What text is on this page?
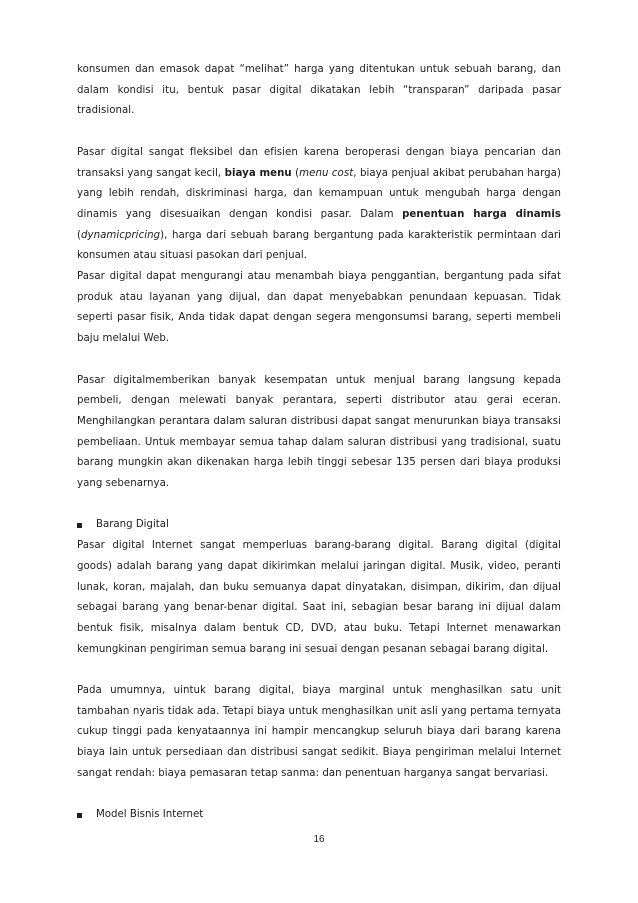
konsumen dan emasok dapat “melihat” harga yang ditentukan untuk sebuah barang, dan dalam kondisi itu, bentuk pasar digital dikatakan lebih “transparan” daripada pasar tradisional.

Pasar digital sangat fleksibel dan efisien karena beroperasi dengan biaya pencarian dan transaksi yang sangat kecil, biaya menu (menu cost, biaya penjual akibat perubahan harga) yang lebih rendah, diskriminasi harga, dan kemampuan untuk mengubah harga dengan dinamis yang disesuaikan dengan kondisi pasar. Dalam penentuan harga dinamis (dynamicpricing), harga dari sebuah barang bergantung pada karakteristik permintaan dari konsumen atau situasi pasokan dari penjual.

Pasar digital dapat mengurangi atau menambah biaya penggantian, bergantung pada sifat produk atau layanan yang dijual, dan dapat menyebabkan penundaan kepuasan. Tidak seperti pasar fisik, Anda tidak dapat dengan segera mengonsumsi barang, seperti membeli baju melalui Web.

Pasar digitalmemberikan banyak kesempatan untuk menjual barang langsung kepada pembeli, dengan melewati banyak perantara, seperti distributor atau gerai eceran. Menghilangkan perantara dalam saluran distribusi dapat sangat menurunkan biaya transaksi pembeliaan. Untuk membayar semua tahap dalam saluran distribusi yang tradisional, suatu barang mungkin akan dikenakan harga lebih tinggi sebesar 135 persen dari biaya produksi yang sebenarnya.

Barang Digital

Pasar digital Internet sangat memperluas barang-barang digital. Barang digital (digital goods) adalah barang yang dapat dikirimkan melalui jaringan digital. Musik, video, peranti lunak, koran, majalah, dan buku semuanya dapat dinyatakan, disimpan, dikirim, dan dijual sebagai barang yang benar-benar digital. Saat ini, sebagian besar barang ini dijual dalam bentuk fisik, misalnya dalam bentuk CD, DVD, atau buku. Tetapi Internet menawarkan kemungkinan pengiriman semua barang ini sesuai dengan pesanan sebagai barang digital.

Pada umumnya, uintuk barang digital, biaya marginal untuk menghasilkan satu unit tambahan nyaris tidak ada. Tetapi biaya untuk menghasilkan unit asli yang pertama ternyata cukup tinggi pada kenyataannya ini hampir mencangkup seluruh biaya dari barang karena biaya lain untuk persediaan dan distribusi sangat sedikit. Biaya pengiriman melalui Internet sangat rendah: biaya pemasaran tetap sanma: dan penentuan harganya sangat bervariasi.

Model Bisnis Internet
16
